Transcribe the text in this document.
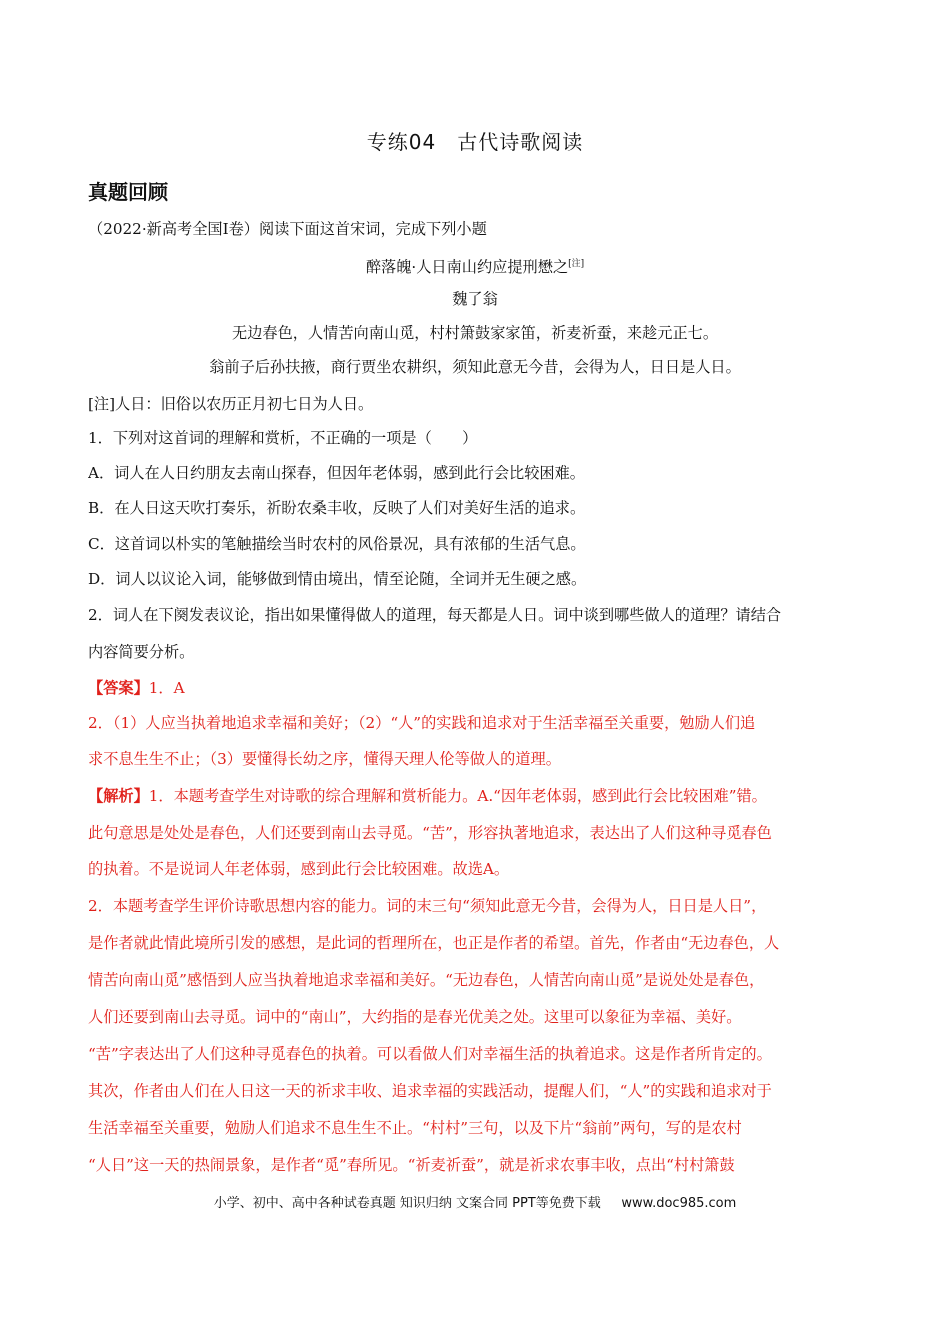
专练04　古代诗歌阅读
真题回顾
（2022·新高考全国Ⅰ卷）阅读下面这首宋词，完成下列小题
醉落魄·人日南山约应提刑懋之[注]
魏了翁
无边春色，人情苦向南山觅，村村箫鼓家家笛，祈麦祈蚕，来趁元正七。
翁前子后孙扶掖，商行贾坐农耕织，须知此意无今昔，会得为人，日日是人日。
[注]人日：旧俗以农历正月初七日为人日。
1．下列对这首词的理解和赏析，不正确的一项是（　　）
A．词人在人日约朋友去南山探春，但因年老体弱，感到此行会比较困难。
B．在人日这天吹打奏乐，祈盼农桑丰收，反映了人们对美好生活的追求。
C．这首词以朴实的笔触描绘当时农村的风俗景况，具有浓郁的生活气息。
D．词人以议论入词，能够做到情由境出，情至论随，全词并无生硬之感。
2．词人在下阕发表议论，指出如果懂得做人的道理，每天都是人日。词中谈到哪些做人的道理？请结合
内容简要分析。
【答案】1．A
2．（1）人应当执着地追求幸福和美好；（2）“人”的实践和追求对于生活幸福至关重要，勉励人们追
求不息生生不止；（3）要懂得长幼之序，懂得天理人伦等做人的道理。
【解析】1．本题考查学生对诗歌的综合理解和赏析能力。A.“因年老体弱，感到此行会比较困难”错。
此句意思是处处是春色，人们还要到南山去寻觅。“苦”，形容执著地追求，表达出了人们这种寻觅春色
的执着。不是说词人年老体弱，感到此行会比较困难。故选A。
2．本题考查学生评价诗歌思想内容的能力。词的末三句“须知此意无今昔，会得为人，日日是人日”，
是作者就此情此境所引发的感想，是此词的哲理所在，也正是作者的希望。首先，作者由“无边春色，人
情苦向南山觅”感悟到人应当执着地追求幸福和美好。“无边春色，人情苦向南山觅”是说处处是春色，
人们还要到南山去寻觅。词中的“南山”，大约指的是春光优美之处。这里可以象征为幸福、美好。
“苦”字表达出了人们这种寻觅春色的执着。可以看做人们对幸福生活的执着追求。这是作者所肯定的。
其次，作者由人们在人日这一天的祈求丰收、追求幸福的实践活动，提醒人们，“人”的实践和追求对于
生活幸福至关重要，勉励人们追求不息生生不止。“村村”三句，以及下片“翁前”两句，写的是农村
“人日”这一天的热闹景象，是作者“觅”春所见。“祈麦祈蚕”，就是祈求农事丰收，点出“村村箫鼓
小学、初中、高中各种试卷真题 知识归纳 文案合同 PPT等免费下载     www.doc985.com
